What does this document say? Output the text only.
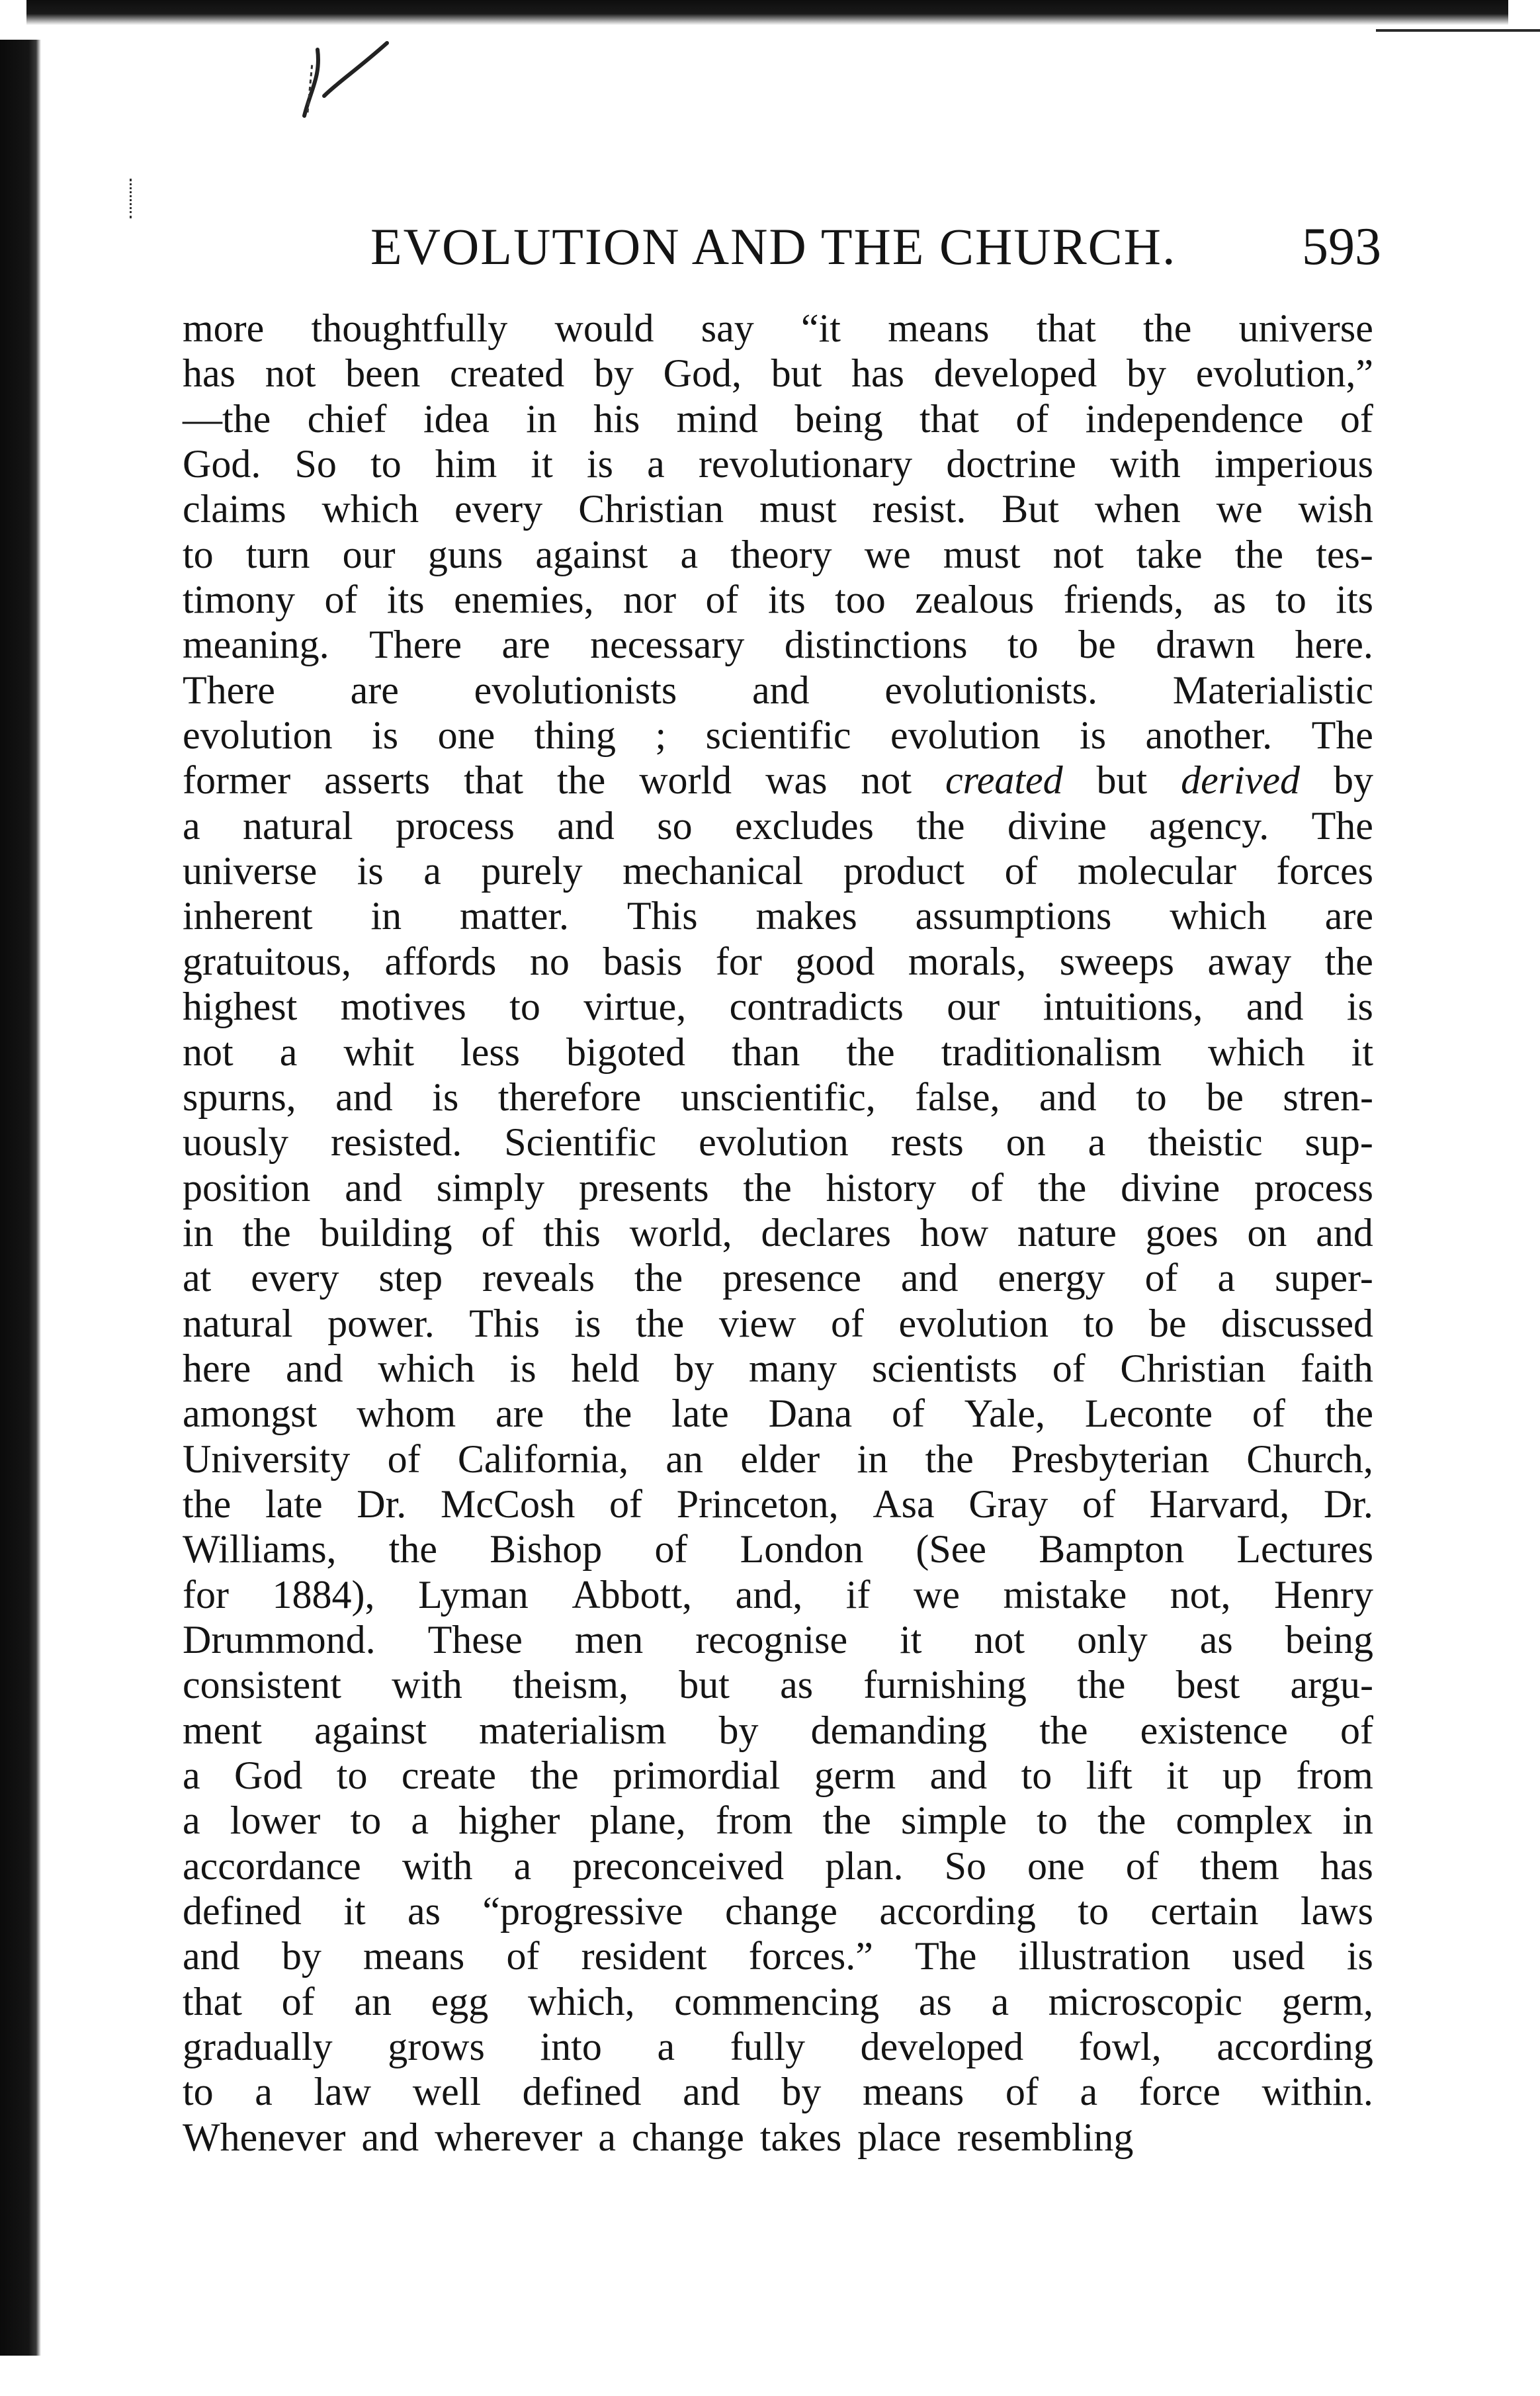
EVOLUTION AND THE CHURCH. 593
more thoughtfully would say “it means that the universe
has not been created by God, but has developed by evolution,”
—the chief idea in his mind being that of independence of
God. So to him it is a revolutionary doctrine with imperious
claims which every Christian must resist. But when we wish
to turn our guns against a theory we must not take the tes-
timony of its enemies, nor of its too zealous friends, as to its
meaning. There are necessary distinctions to be drawn here.
There are evolutionists and evolutionists. Materialistic
evolution is one thing ; scientific evolution is another. The
former asserts that the world was not created but derived by
a natural process and so excludes the divine agency. The
universe is a purely mechanical product of molecular forces
inherent in matter. This makes assumptions which are
gratuitous, affords no basis for good morals, sweeps away the
highest motives to virtue, contradicts our intuitions, and is
not a whit less bigoted than the traditionalism which it
spurns, and is therefore unscientific, false, and to be stren-
uously resisted. Scientific evolution rests on a theistic sup-
position and simply presents the history of the divine process
in the building of this world, declares how nature goes on and
at every step reveals the presence and energy of a super-
natural power. This is the view of evolution to be discussed
here and which is held by many scientists of Christian faith
amongst whom are the late Dana of Yale, Leconte of the
University of California, an elder in the Presbyterian Church,
the late Dr. McCosh of Princeton, Asa Gray of Harvard, Dr.
Williams, the Bishop of London (See Bampton Lectures
for 1884), Lyman Abbott, and, if we mistake not, Henry
Drummond. These men recognise it not only as being
consistent with theism, but as furnishing the best argu-
ment against materialism by demanding the existence of
a God to create the primordial germ and to lift it up from
a lower to a higher plane, from the simple to the complex in
accordance with a preconceived plan. So one of them has
defined it as “progressive change according to certain laws
and by means of resident forces.” The illustration used is
that of an egg which, commencing as a microscopic germ,
gradually grows into a fully developed fowl, according
to a law well defined and by means of a force within.
Whenever and wherever a change takes place resembling
